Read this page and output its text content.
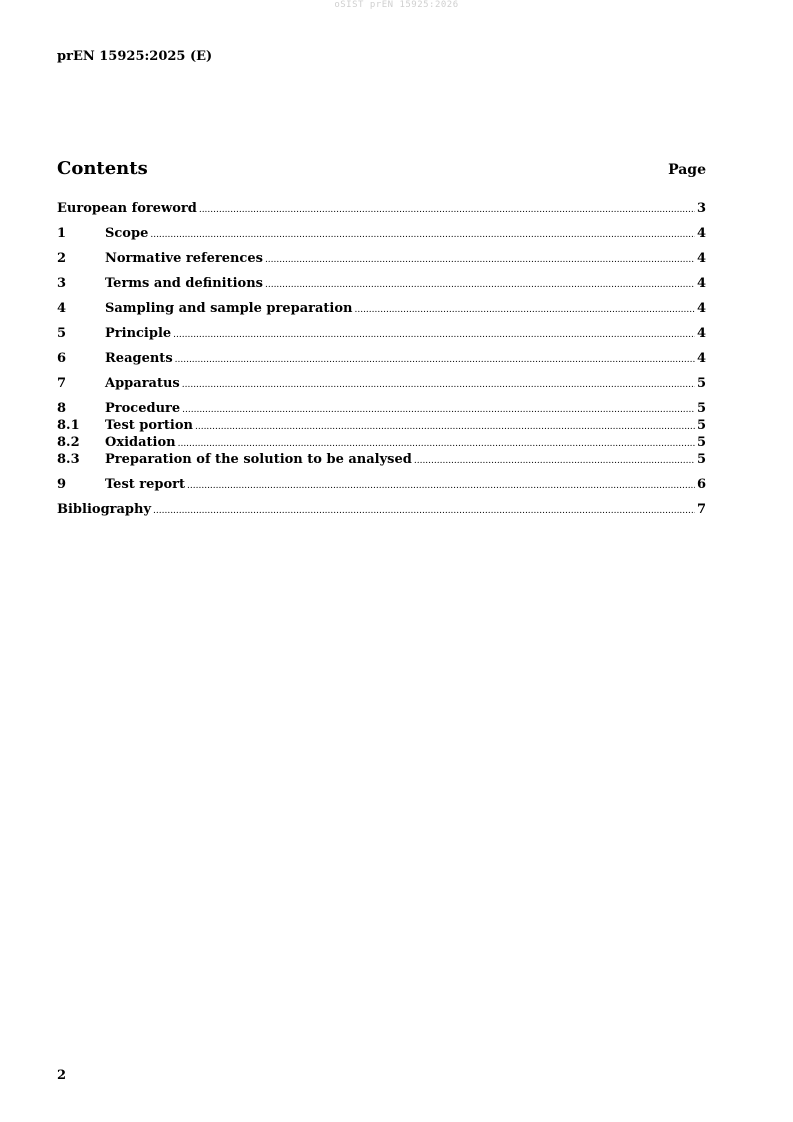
oSIST prEN 15925:2026
prEN 15925:2025 (E)
Contents	Page
European foreword .....	3
1	Scope .....	4
2	Normative references .....	4
3	Terms and definitions .....	4
4	Sampling and sample preparation .....	4
5	Principle .....	4
6	Reagents .....	4
7	Apparatus .....	5
8	Procedure .....	5
8.1	Test portion .....	5
8.2	Oxidation .....	5
8.3	Preparation of the solution to be analysed .....	5
9	Test report .....	6
Bibliography .....	7
2
